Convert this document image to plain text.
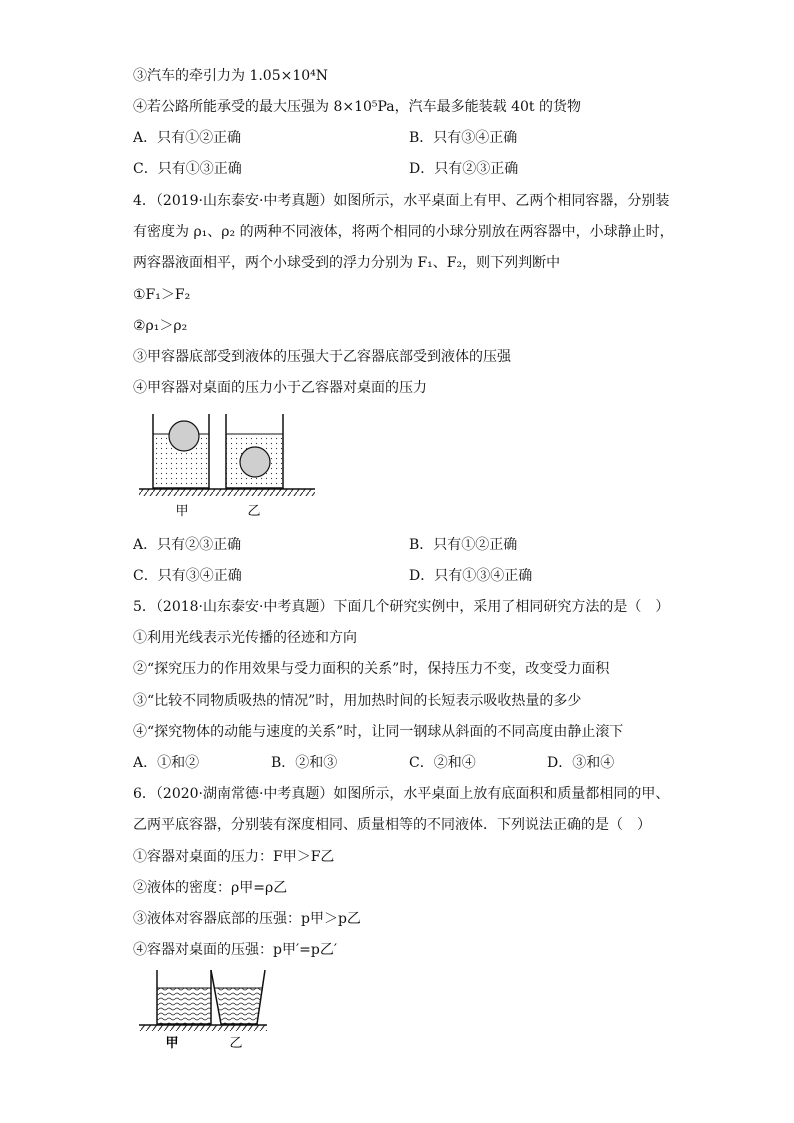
③汽车的牵引力为 1.05×10⁴N
④若公路所能承受的最大压强为 8×10⁵Pa，汽车最多能装载 40t 的货物
A．只有①②正确	B．只有③④正确
C．只有①③正确	D．只有②③正确
4．（2019·山东泰安·中考真题）如图所示，水平桌面上有甲、乙两个相同容器，分别装
有密度为 ρ₁、ρ₂ 的两种不同液体，将两个相同的小球分别放在两容器中，小球静止时，
两容器液面相平，两个小球受到的浮力分别为 F₁、F₂，则下列判断中
①F₁＞F₂
②ρ₁＞ρ₂
③甲容器底部受到液体的压强大于乙容器底部受到液体的压强
④甲容器对桌面的压力小于乙容器对桌面的压力
甲	乙
A．只有②③正确	B．只有①②正确
C．只有③④正确	D．只有①③④正确
5．（2018·山东泰安·中考真题）下面几个研究实例中，采用了相同研究方法的是（　）
①利用光线表示光传播的径迹和方向
②“探究压力的作用效果与受力面积的关系”时，保持压力不变，改变受力面积
③“比较不同物质吸热的情况”时，用加热时间的长短表示吸收热量的多少
④“探究物体的动能与速度的关系”时，让同一钢球从斜面的不同高度由静止滚下
A．①和②	B．②和③	C．②和④	D．③和④
6．（2020·湖南常德·中考真题）如图所示，水平桌面上放有底面积和质量都相同的甲、
乙两平底容器，分别装有深度相同、质量相等的不同液体．下列说法正确的是（　）
①容器对桌面的压力：F甲＞F乙
②液体的密度：ρ甲=ρ乙
③液体对容器底部的压强：p甲＞p乙
④容器对桌面的压强：p甲′=p乙′
甲	乙
